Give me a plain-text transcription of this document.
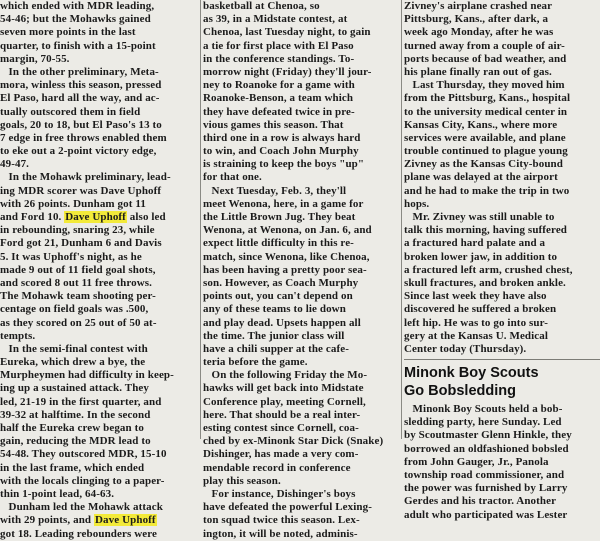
which ended with MDR leading,
54-46; but the Mohawks gained
seven more points in the last
quarter, to finish with a 15-point
margin, 70-55.
In the other preliminary, Meta-
mora, winless this season, pressed
El Paso, hard all the way, and ac-
tually outscored them in field
goals, 20 to 18, but El Paso's 13 to
7 edge in free throws enabled them
to eke out a 2-point victory edge,
49-47.
In the Mohawk preliminary, lead-
ing MDR scorer was Dave Uphoff
with 26 points. Dunham got 11
and Ford 10. Dave Uphoff also led
in rebounding, snaring 23, while
Ford got 21, Dunham 6 and Davis
5. It was Uphoff's night, as he
made 9 out of 11 field goal shots,
and scored 8 out 11 free throws.
The Mohawk team shooting per-
centage on field goals was .500,
as they scored on 25 out of 50 at-
tempts.
In the semi-final contest with
Eureka, which drew a bye, the
Murpheymen had difficulty in keep-
ing up a sustained attack. They
led, 21-19 in the first quarter, and
39-32 at halftime. In the second
half the Eureka crew began to
gain, reducing the MDR lead to
54-48. They outscored MDR, 15-10
in the last frame, which ended
with the locals clinging to a paper-
thin 1-point lead, 64-63.
Dunham led the Mohawk attack
with 29 points, and Dave Uphoff
got 18. Leading rebounders were
basketball at Chenoa, so
as 39, in a Midstate contest, at
Chenoa, last Tuesday night, to gain
a tie for first place with El Paso
in the conference standings. To-
morrow night (Friday) they'll jour-
ney to Roanoke for a game with
Roanoke-Benson, a team which
they have defeated twice in pre-
vious games this season. That
third one in a row is always hard
to win, and Coach John Murphy
is straining to keep the boys "up"
for that one.
Next Tuesday, Feb. 3, they'll
meet Wenona, here, in a game for
the Little Brown Jug. They beat
Wenona, at Wenona, on Jan. 6, and
expect little difficulty in this re-
match, since Wenona, like Chenoa,
has been having a pretty poor sea-
son. However, as Coach Murphy
points out, you can't depend on
any of these teams to lie down
and play dead. Upsets happen all
the time. The junior class will
have a chili supper at the cafe-
teria before the game.
On the following Friday the Mo-
hawks will get back into Midstate
Conference play, meeting Cornell,
here. That should be a real inter-
esting contest since Cornell, coa-
ched by ex-Minonk Star Dick (Snake)
Dishinger, has made a very com-
mendable record in conference
play this season.
For instance, Dishinger's boys
have defeated the powerful Lexing-
ton squad twice this season. Lex-
ington, it will be noted, adminis-
Zivney's airplane crashed near
Pittsburg, Kans., after dark, a
week ago Monday, after he was
turned away from a couple of air-
ports because of bad weather, and
his plane finally ran out of gas.
Last Thursday, they moved him
from the Pittsburg, Kans., hospital
to the university medical center in
Kansas City, Kans., where more
services were available, and plane
trouble continued to plague young
Zivney as the Kansas City-bound
plane was delayed at the airport
and he had to make the trip in two
hops.
Mr. Zivney was still unable to
talk this morning, having suffered
a fractured hard palate and a
broken lower jaw, in addition to
a fractured left arm, crushed chest,
skull fractures, and broken ankle.
Since last week they have also
discovered he suffered a broken
left hip. He was to go into sur-
gery at the Kansas U. Medical
Center today (Thursday).
Minonk Boy Scouts
Go Bobsledding
Minonk Boy Scouts held a bob-
sledding party, here Sunday. Led
by Scoutmaster Glenn Hinkle, they
borrowed an oldfashioned bobsled
from John Gauger, Jr., Panola
township road commissioner, and
the power was furnished by Larry
Gerdes and his tractor. Another
adult who participated was Lester
